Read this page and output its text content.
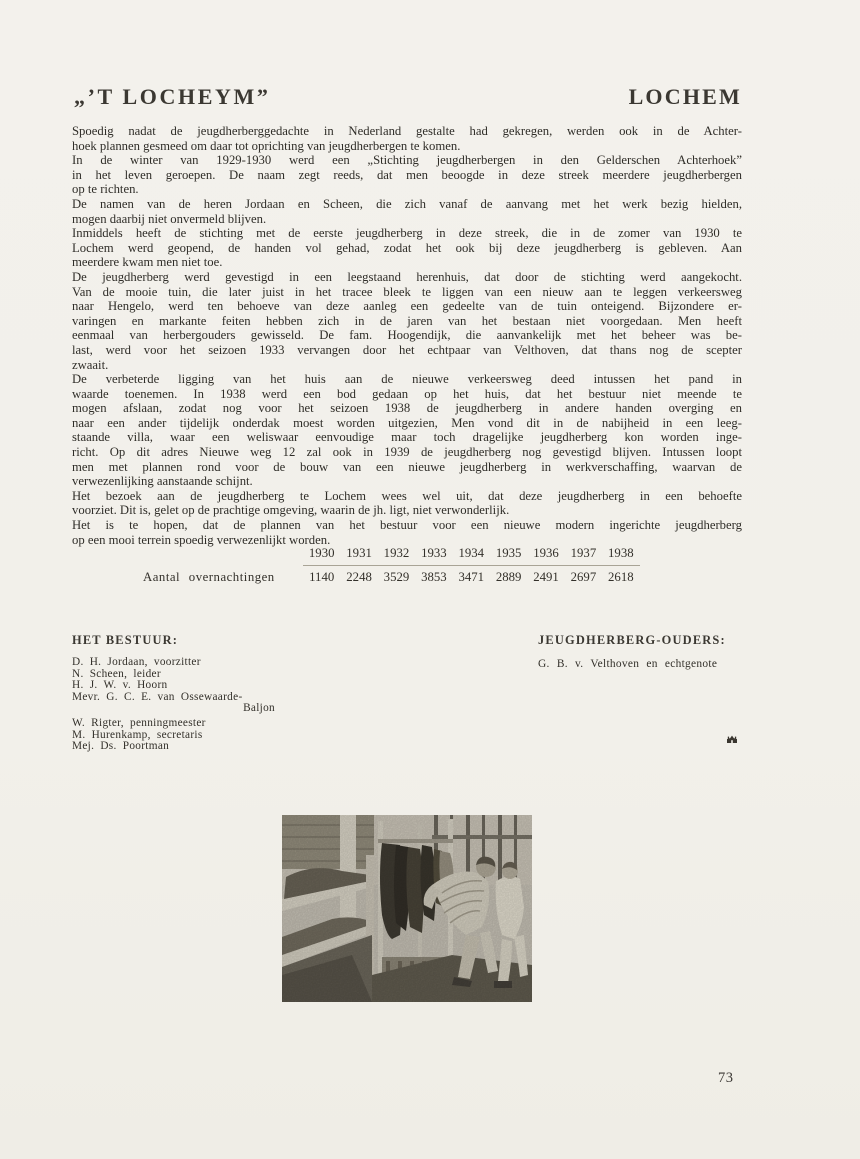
„’T LOCHEYM”	LOCHEM
Spoedig nadat de jeugdherberggedachte in Nederland gestalte had gekregen, werden ook in de Achter-
hoek plannen gesmeed om daar tot oprichting van jeugdherbergen te komen.
In de winter van 1929-1930 werd een „Stichting jeugdherbergen in den Gelderschen Achterhoek”
in het leven geroepen. De naam zegt reeds, dat men beoogde in deze streek meerdere jeugdherbergen
op te richten.
De namen van de heren Jordaan en Scheen, die zich vanaf de aanvang met het werk bezig hielden,
mogen daarbij niet onvermeld blijven.
Inmiddels heeft de stichting met de eerste jeugdherberg in deze streek, die in de zomer van 1930 te
Lochem werd geopend, de handen vol gehad, zodat het ook bij deze jeugdherberg is gebleven. Aan
meerdere kwam men niet toe.
De jeugdherberg werd gevestigd in een leegstaand herenhuis, dat door de stichting werd aangekocht.
Van de mooie tuin, die later juist in het tracee bleek te liggen van een nieuw aan te leggen verkeersweg
naar Hengelo, werd ten behoeve van deze aanleg een gedeelte van de tuin onteigend. Bijzondere er-
varingen en markante feiten hebben zich in de jaren van het bestaan niet voorgedaan. Men heeft
eenmaal van herbergouders gewisseld. De fam. Hoogendijk, die aanvankelijk met het beheer was be-
last, werd voor het seizoen 1933 vervangen door het echtpaar van Velthoven, dat thans nog de scepter
zwaait.
De verbeterde ligging van het huis aan de nieuwe verkeersweg deed intussen het pand in
waarde toenemen. In 1938 werd een bod gedaan op het huis, dat het bestuur niet meende te
mogen afslaan, zodat nog voor het seizoen 1938 de jeugdherberg in andere handen overging en
naar een ander tijdelijk onderdak moest worden uitgezien, Men vond dit in de nabijheid in een leeg-
staande villa, waar een weliswaar eenvoudige maar toch dragelijke jeugdherberg kon worden inge-
richt. Op dit adres Nieuwe weg 12 zal ook in 1939 de jeugdherberg nog gevestigd blijven. Intussen loopt
men met plannen rond voor de bouw van een nieuwe jeugdherberg in werkverschaffing, waarvan de
verwezenlijking aanstaande schijnt.
Het bezoek aan de jeugdherberg te Lochem wees wel uit, dat deze jeugdherberg in een behoefte
voorziet. Dit is, gelet op de prachtige omgeving, waarin de jh. ligt, niet verwonderlijk.
Het is te hopen, dat de plannen van het bestuur voor een nieuwe modern ingerichte jeugdherberg
op een mooi terrein spoedig verwezenlijkt worden.
1930 1931 1932 1933 1934 1935 1936 1937 1938
Aantal overnachtingen	1140 2248 3529 3853 3471 2889 2491 2697 2618
HET BESTUUR:
D. H. Jordaan, voorzitter
N. Scheen, leider
H. J. W. v. Hoorn
Mevr. G. C. E. van Ossewaarde-
Baljon
W. Rigter, penningmeester
M. Hurenkamp, secretaris
Mej. Ds. Poortman
JEUGDHERBERG-OUDERS:
G. B. v. Velthoven en echtgenote
73
